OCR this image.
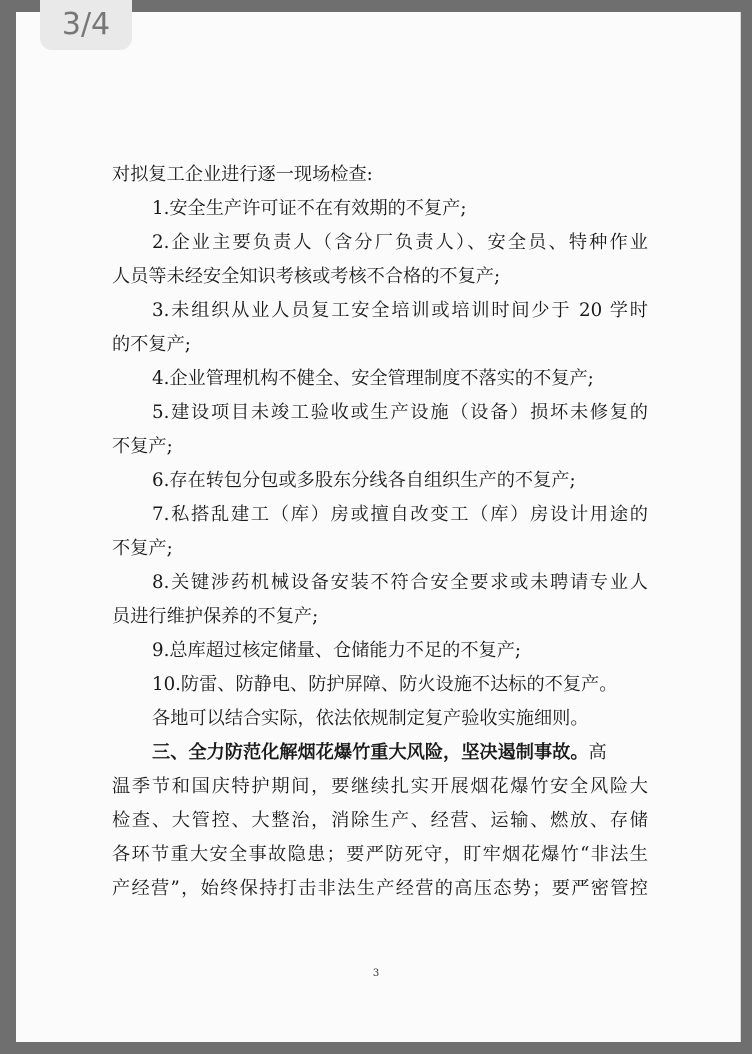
对拟复工企业进行逐一现场检查:
1.安全生产许可证不在有效期的不复产;
2.企业主要负责人（含分厂负责人）、安全员、特种作业
人员等未经安全知识考核或考核不合格的不复产;
3.未组织从业人员复工安全培训或培训时间少于 20 学时
的不复产;
4.企业管理机构不健全、安全管理制度不落实的不复产;
5.建设项目未竣工验收或生产设施（设备）损坏未修复的
不复产;
6.存在转包分包或多股东分线各自组织生产的不复产;
7.私搭乱建工（库）房或擅自改变工（库）房设计用途的
不复产;
8.关键涉药机械设备安装不符合安全要求或未聘请专业人
员进行维护保养的不复产;
9.总库超过核定储量、仓储能力不足的不复产;
10.防雷、防静电、防护屏障、防火设施不达标的不复产。
各地可以结合实际，依法依规制定复产验收实施细则。
三、全力防范化解烟花爆竹重大风险，坚决遏制事故。高
温季节和国庆特护期间，要继续扎实开展烟花爆竹安全风险大
检查、大管控、大整治，消除生产、经营、运输、燃放、存储
各环节重大安全事故隐患；要严防死守，盯牢烟花爆竹“非法生
产经营”，始终保持打击非法生产经营的高压态势；要严密管控
3/4
3
